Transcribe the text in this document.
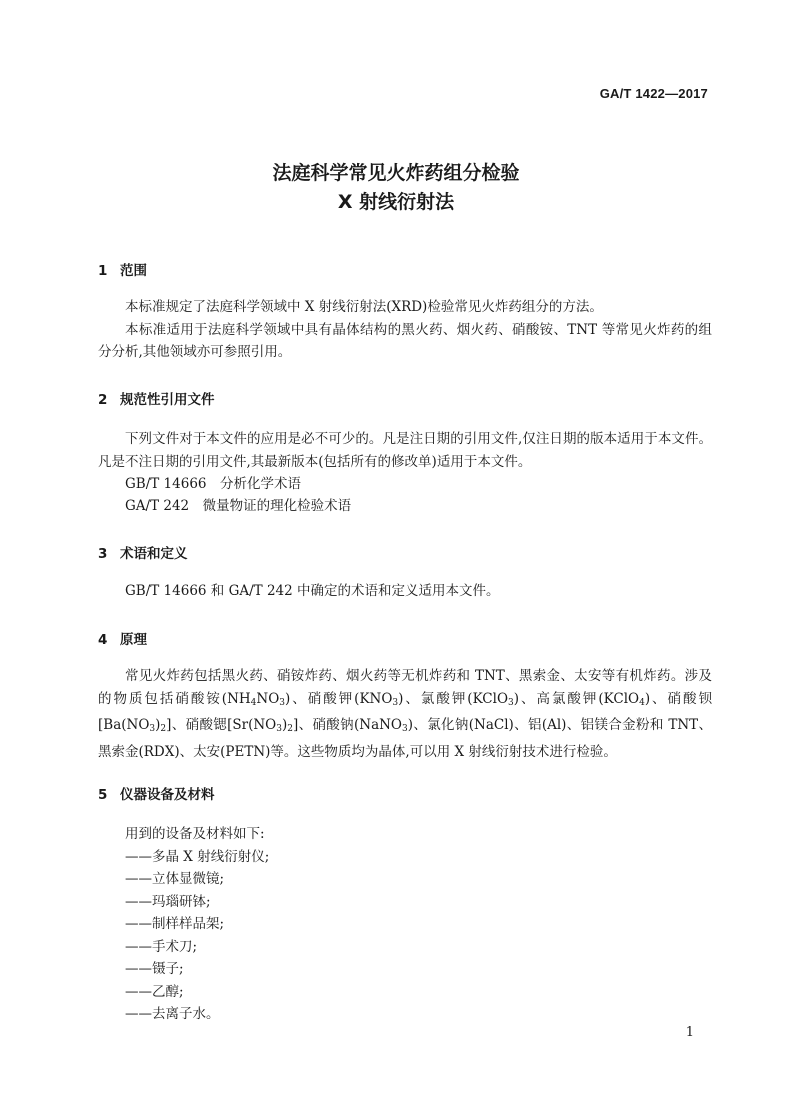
GA/T 1422—2017
法庭科学常见火炸药组分检验
X 射线衍射法
1 范围

本标准规定了法庭科学领域中 X 射线衍射法(XRD)检验常见火炸药组分的方法。

本标准适用于法庭科学领域中具有晶体结构的黑火药、烟火药、硝酸铵、TNT 等常见火炸药的组分分析,其他领域亦可参照引用。

2 规范性引用文件

下列文件对于本文件的应用是必不可少的。凡是注日期的引用文件,仅注日期的版本适用于本文件。凡是不注日期的引用文件,其最新版本(包括所有的修改单)适用于本文件。

GB/T 14666　分析化学术语
GA/T 242　微量物证的理化检验术语
3 术语和定义
GB/T 14666 和 GA/T 242 中确定的术语和定义适用本文件。
4 原理

常见火炸药包括黑火药、硝铵炸药、烟火药等无机炸药和 TNT、黑索金、太安等有机炸药。涉及的物质包括硝酸铵$(NH_4NO_3)$、硝酸钾$(KNO_3)$、氯酸钾(KClO$_3$)、高氯酸钾(KClO$_4$)、硝酸钡$[Ba(NO_3)_2]$、硝酸锶$[Sr(NO_3)_2]$、硝酸钠(NaNO$_3$)、氯化钠(NaCl)、铝(Al)、铝镁合金粉和 TNT、黑索金(RDX)、太安(PETN)等。这些物质均为晶体,可以用 X 射线衍射技术进行检验。

5 仪器设备及材料
用到的设备及材料如下:
——多晶 X 射线衍射仪;
——立体显微镜;
——玛瑙研钵;
——制样样品架;
——手术刀;
——镊子;
——乙醇;
——去离子水。
1
